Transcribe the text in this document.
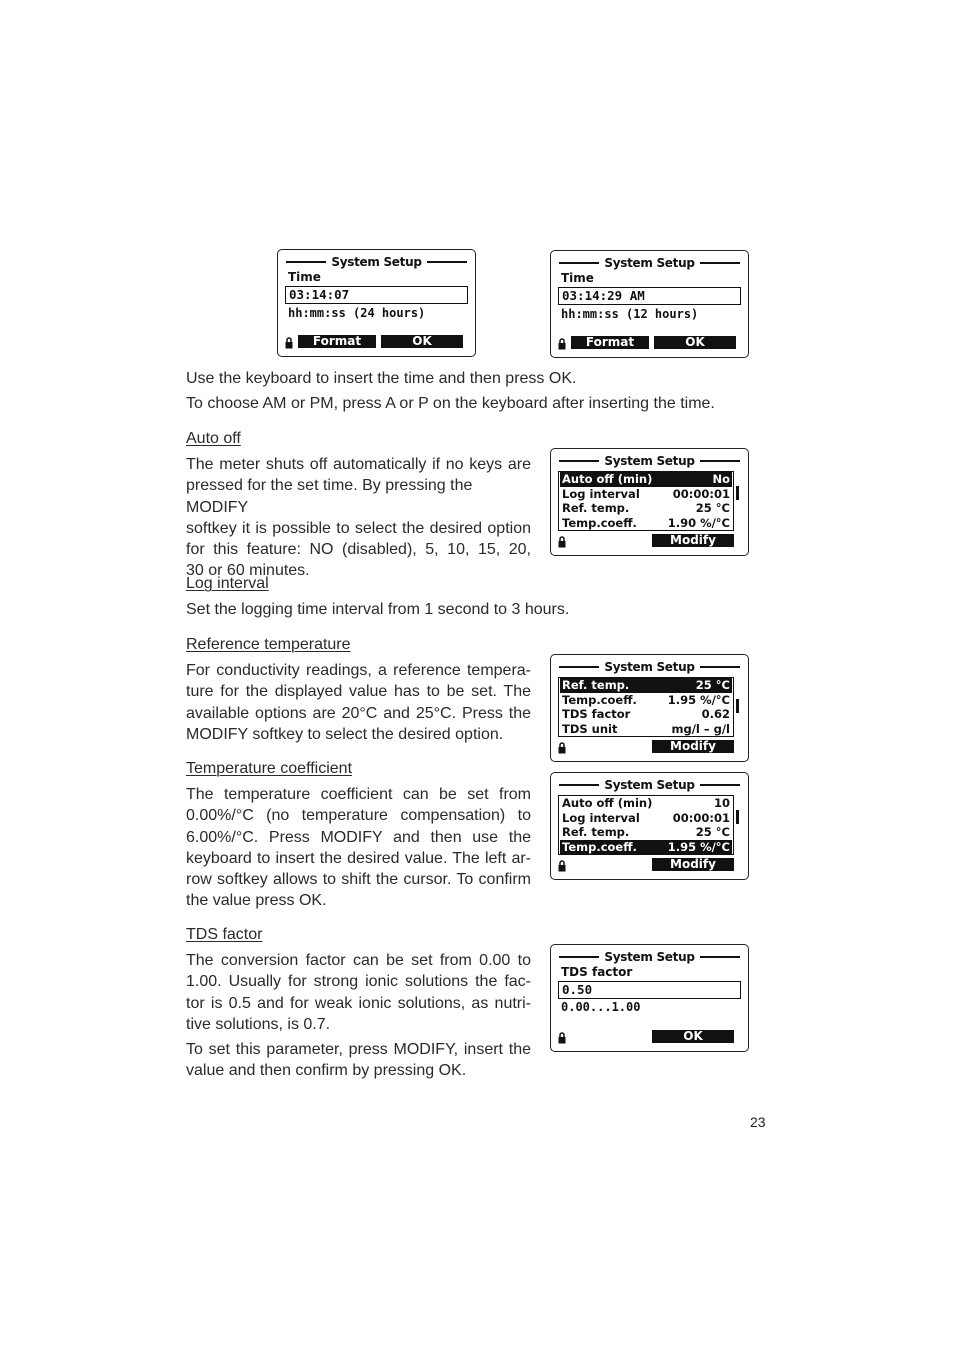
System Setup
Time
03:14:07
hh:mm:ss (24 hours)
Format	OK
System Setup
Time
03:14:29 AM
hh:mm:ss (12 hours)
Format	OK

Use the keyboard to insert the time and then press OK.

To choose AM or PM, press A or P on the keyboard after inserting the time.

Auto off

The meter shuts off automatically if no keys are
pressed for the set time. By pressing the MODIFY
softkey it is possible to select the desired option
for this feature: NO (disabled), 5, 10, 15, 20,
30 or 60 minutes.
System Setup
Auto off (min)	No
Log interval	00:00:01
Ref. temp.	25 °C
Temp.coeff.	1.90 %/°C
Modify

Log interval

Set the logging time interval from 1 second to 3 hours.

Reference temperature

For conductivity readings, a reference tempera-
ture for the displayed value has to be set. The
available options are 20°C and 25°C. Press the
MODIFY softkey to select the desired option.
System Setup
Ref. temp.	25 °C
Temp.coeff.	1.95 %/°C
TDS factor	0.62
TDS unit	mg/l – g/l
Modify

Temperature coefficient

The temperature coefficient can be set from
0.00%/°C (no temperature compensation) to
6.00%/°C. Press MODIFY and then use the
keyboard to insert the desired value. The left ar-
row softkey allows to shift the cursor. To confirm
the value press OK.
System Setup
Auto off (min)	10
Log interval	00:00:01
Ref. temp.	25 °C
Temp.coeff.	1.95 %/°C
Modify

TDS factor

The conversion factor can be set from 0.00 to
1.00. Usually for strong ionic solutions the fac-
tor is 0.5 and for weak ionic solutions, as nutri-
tive solutions, is 0.7.
To set this parameter, press MODIFY, insert the
value and then confirm by pressing OK.
System Setup
TDS factor
0.50
0.00...1.00
OK
23
